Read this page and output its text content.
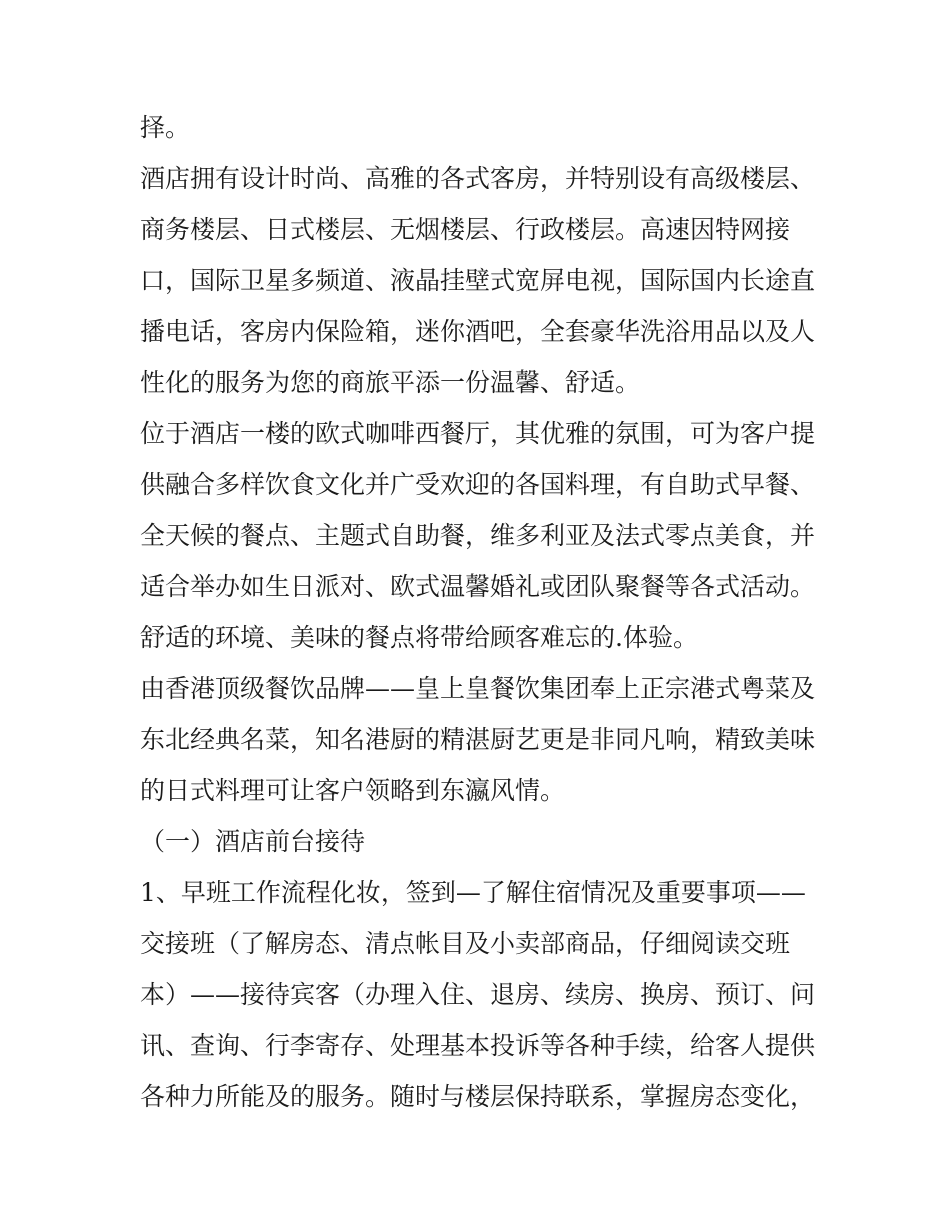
择。
酒店拥有设计时尚、高雅的各式客房，并特别设有高级楼层、
商务楼层、日式楼层、无烟楼层、行政楼层。高速因特网接
口，国际卫星多频道、液晶挂壁式宽屏电视，国际国内长途直
播电话，客房内保险箱，迷你酒吧，全套豪华洗浴用品以及人
性化的服务为您的商旅平添一份温馨、舒适。
位于酒店一楼的欧式咖啡西餐厅，其优雅的氛围，可为客户提
供融合多样饮食文化并广受欢迎的各国料理，有自助式早餐、
全天候的餐点、主题式自助餐，维多利亚及法式零点美食，并
适合举办如生日派对、欧式温馨婚礼或团队聚餐等各式活动。
舒适的环境、美味的餐点将带给顾客难忘的.体验。
由香港顶级餐饮品牌——皇上皇餐饮集团奉上正宗港式粤菜及
东北经典名菜，知名港厨的精湛厨艺更是非同凡响，精致美味
的日式料理可让客户领略到东瀛风情。
（一）酒店前台接待
1、早班工作流程化妆，签到—了解住宿情况及重要事项——
交接班（了解房态、清点帐目及小卖部商品，仔细阅读交班
本）——接待宾客（办理入住、退房、续房、换房、预订、问
讯、查询、行李寄存、处理基本投诉等各种手续，给客人提供
各种力所能及的服务。随时与楼层保持联系，掌握房态变化，
